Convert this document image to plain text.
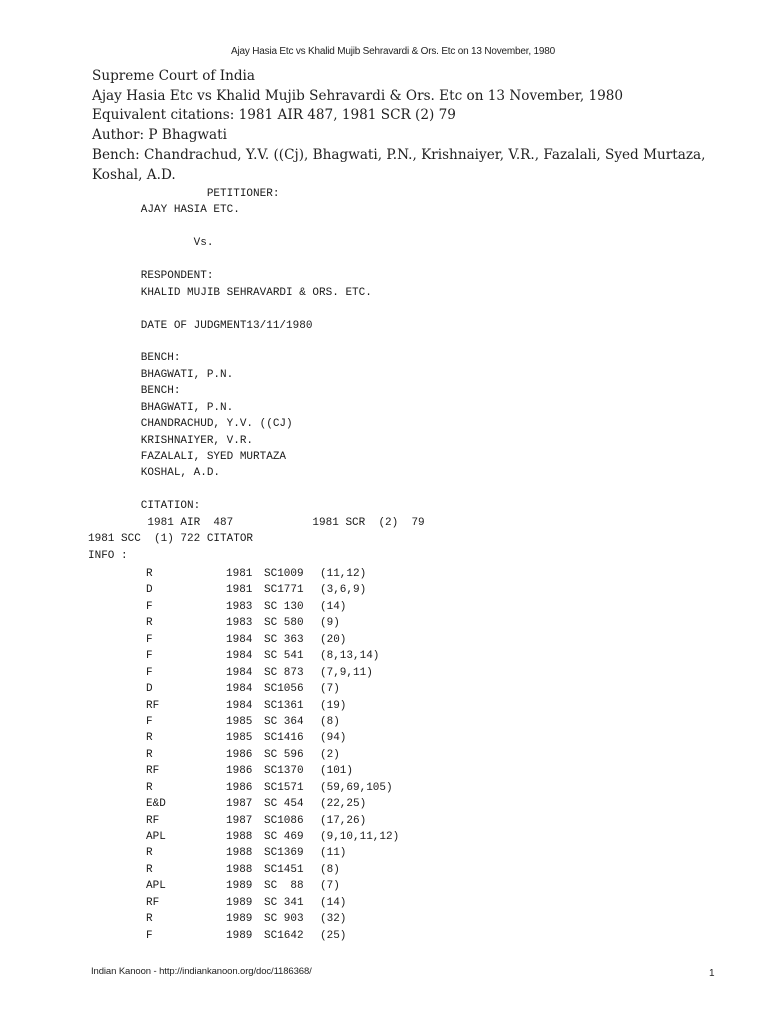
Ajay Hasia Etc vs Khalid Mujib Sehravardi & Ors. Etc on 13 November, 1980
Supreme Court of India
Ajay Hasia Etc vs Khalid Mujib Sehravardi & Ors. Etc on 13 November, 1980
Equivalent citations: 1981 AIR 487, 1981 SCR (2) 79
Author: P Bhagwati
Bench: Chandrachud, Y.V. ((Cj), Bhagwati, P.N., Krishnaiyer, V.R., Fazalali, Syed Murtaza, Koshal, A.D.
PETITIONER:
AJAY HASIA ETC.
Vs.
RESPONDENT:
KHALID MUJIB SEHRAVARDI & ORS. ETC.
DATE OF JUDGMENT13/11/1980
BENCH:
BHAGWATI, P.N.
BENCH:
BHAGWATI, P.N.
CHANDRACHUD, Y.V. ((CJ)
KRISHNAIYER, V.R.
FAZALALI, SYED MURTAZA
KOSHAL, A.D.
CITATION:
1981 AIR  487            1981 SCR  (2)  79
1981 SCC  (1) 722 CITATOR
INFO :
R	1981 SC1009 (11,12)
D	1981 SC1771 (3,6,9)
F	1983 SC 130 (14)
R	1983 SC 580 (9)
F	1984 SC 363 (20)
F	1984 SC 541 (8,13,14)
F	1984 SC 873 (7,9,11)
D	1984 SC1056 (7)
RF	1984 SC1361 (19)
F	1985 SC 364 (8)
R	1985 SC1416 (94)
R	1986 SC 596 (2)
RF	1986 SC1370 (101)
R	1986 SC1571 (59,69,105)
E&D	1987 SC 454 (22,25)
RF	1987 SC1086 (17,26)
APL	1988 SC 469 (9,10,11,12)
R	1988 SC1369 (11)
R	1988 SC1451 (8)
APL	1989 SC  88 (7)
RF	1989 SC 341 (14)
R	1989 SC 903 (32)
F	1989 SC1642 (25)
Indian Kanoon - http://indiankanoon.org/doc/1186368/	1
